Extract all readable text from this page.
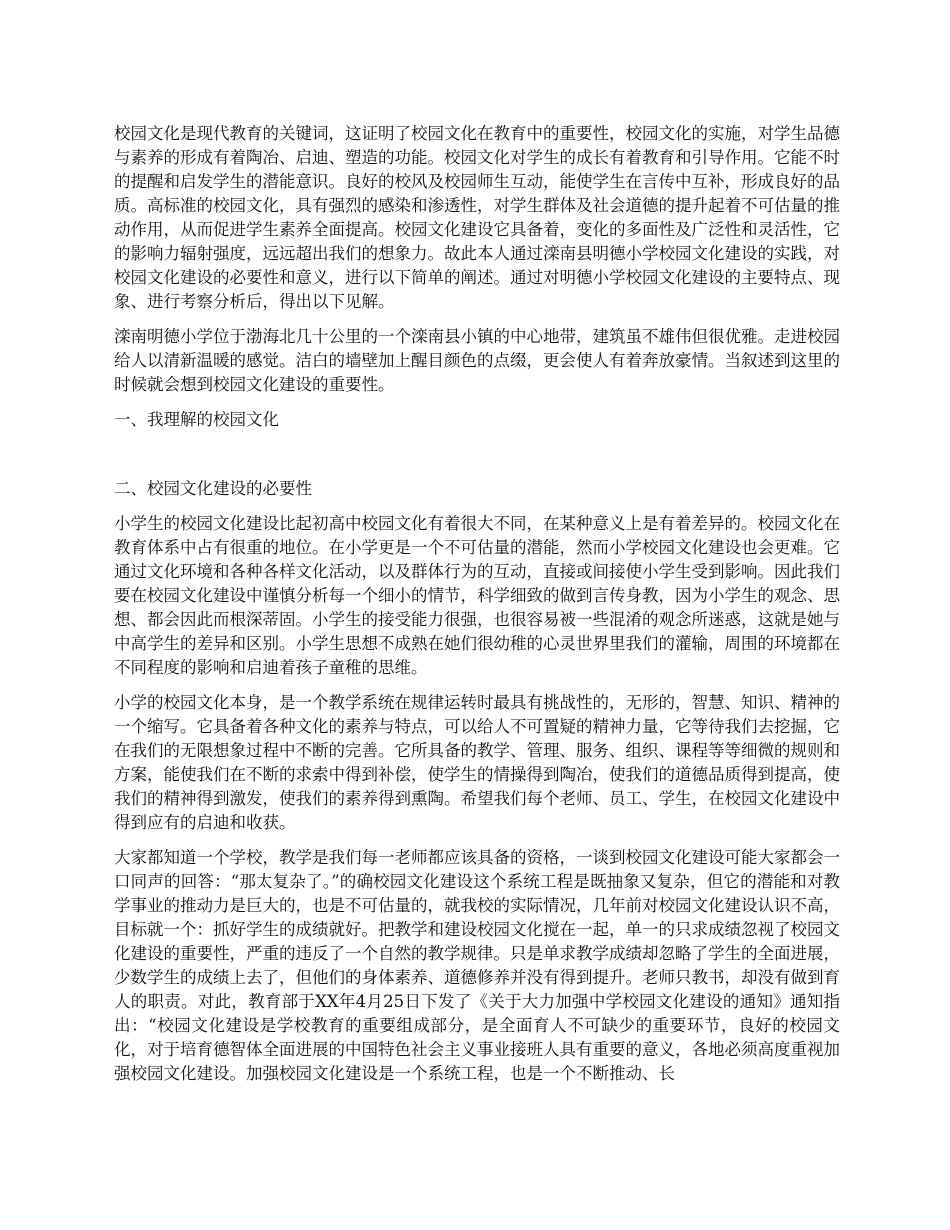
校园文化是现代教育的关键词，这证明了校园文化在教育中的重要性，校园文化的实施，对学生品德与素养的形成有着陶冶、启迪、塑造的功能。校园文化对学生的成长有着教育和引导作用。它能不时的提醒和启发学生的潜能意识。良好的校风及校园师生互动，能使学生在言传中互补，形成良好的品质。高标准的校园文化，具有强烈的感染和渗透性，对学生群体及社会道德的提升起着不可估量的推动作用，从而促进学生素养全面提高。校园文化建设它具备着，变化的多面性及广泛性和灵活性，它的影响力辐射强度，远远超出我们的想象力。故此本人通过滦南县明德小学校园文化建设的实践，对校园文化建设的必要性和意义，进行以下简单的阐述。通过对明德小学校园文化建设的主要特点、现象、进行考察分析后，得出以下见解。

滦南明德小学位于渤海北几十公里的一个滦南县小镇的中心地带，建筑虽不雄伟但很优雅。走进校园给人以清新温暖的感觉。洁白的墙壁加上醒目颜色的点缀，更会使人有着奔放豪情。当叙述到这里的时候就会想到校园文化建设的重要性。

一、我理解的校园文化
二、校园文化建设的必要性

小学生的校园文化建设比起初高中校园文化有着很大不同，在某种意义上是有着差异的。校园文化在教育体系中占有很重的地位。在小学更是一个不可估量的潜能，然而小学校园文化建设也会更难。它通过文化环境和各种各样文化活动，以及群体行为的互动，直接或间接使小学生受到影响。因此我们要在校园文化建设中谨慎分析每一个细小的情节，科学细致的做到言传身教，因为小学生的观念、思想、都会因此而根深蒂固。小学生的接受能力很强，也很容易被一些混淆的观念所迷惑，这就是她与中高学生的差异和区别。小学生思想不成熟在她们很幼稚的心灵世界里我们的灌输，周围的环境都在不同程度的影响和启迪着孩子童稚的思维。

小学的校园文化本身，是一个教学系统在规律运转时最具有挑战性的，无形的，智慧、知识、精神的一个缩写。它具备着各种文化的素养与特点，可以给人不可置疑的精神力量，它等待我们去挖掘，它在我们的无限想象过程中不断的完善。它所具备的教学、管理、服务、组织、课程等等细微的规则和方案，能使我们在不断的求索中得到补偿，使学生的情操得到陶冶，使我们的道德品质得到提高，使我们的精神得到激发，使我们的素养得到熏陶。希望我们每个老师、员工、学生，在校园文化建设中得到应有的启迪和收获。

大家都知道一个学校，教学是我们每一老师都应该具备的资格，一谈到校园文化建设可能大家都会一口同声的回答：“那太复杂了。”的确校园文化建设这个系统工程是既抽象又复杂，但它的潜能和对教学事业的推动力是巨大的，也是不可估量的，就我校的实际情况，几年前对校园文化建设认识不高，目标就一个：抓好学生的成绩就好。把教学和建设校园文化搅在一起，单一的只求成绩忽视了校园文化建设的重要性，严重的违反了一个自然的教学规律。只是单求教学成绩却忽略了学生的全面进展，少数学生的成绩上去了，但他们的身体素养、道德修养并没有得到提升。老师只教书，却没有做到育人的职责。对此，教育部于XX年4月25日下发了《关于大力加强中学校园文化建设的通知》通知指出：“校园文化建设是学校教育的重要组成部分，是全面育人不可缺少的重要环节，良好的校园文化，对于培育德智体全面进展的中国特色社会主义事业接班人具有重要的意义，各地必须高度重视加强校园文化建设。加强校园文化建设是一个系统工程，也是一个不断推动、长
